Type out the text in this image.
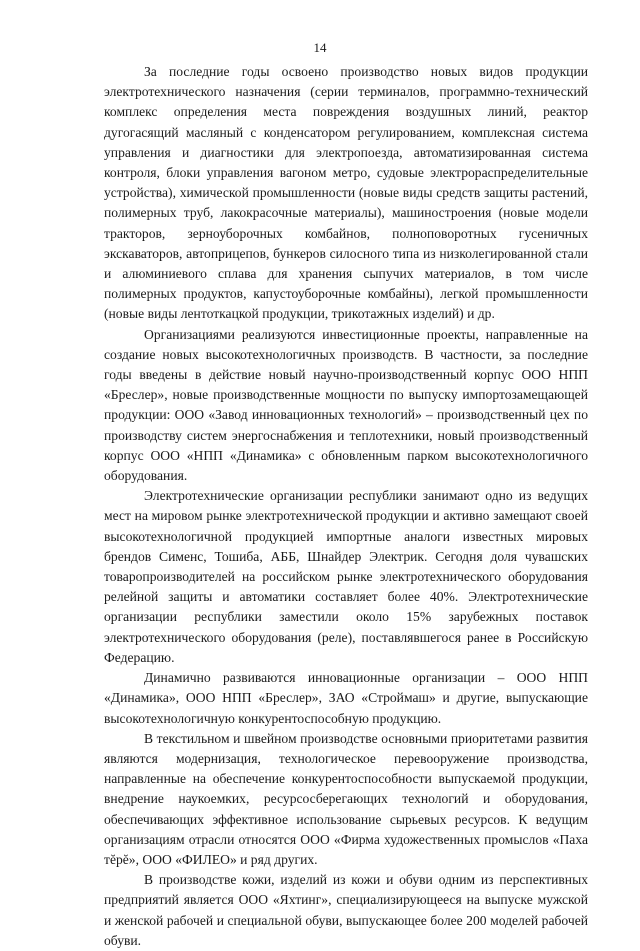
14

За последние годы освоено производство новых видов продукции электротехнического назначения (серии терминалов, программно-технический комплекс определения места повреждения воздушных линий, реактор дугогасящий масляный с конденсатором регулированием, комплексная система управления и диагностики для электропоезда, автоматизированная система контроля, блоки управления вагоном метро, судовые электрораспределительные устройства), химической промышленности (новые виды средств защиты растений, полимерных труб, лакокрасочные материалы), машиностроения (новые модели тракторов, зерноуборочных комбайнов, полноповоротных гусеничных экскаваторов, автоприцепов, бункеров силосного типа из низколегированной стали и алюминиевого сплава для хранения сыпучих материалов, в том числе полимерных продуктов, капустоуборочные комбайны), легкой промышленности (новые виды лентоткацкой продукции, трикотажных изделий) и др.

Организациями реализуются инвестиционные проекты, направленные на создание новых высокотехнологичных производств. В частности, за последние годы введены в действие новый научно-производственный корпус ООО НПП «Бреслер», новые производственные мощности по выпуску импортозамещающей продукции: ООО «Завод инновационных технологий» – производственный цех по производству систем энергоснабжения и теплотехники, новый производственный корпус ООО «НПП «Динамика» с обновленным парком высокотехнологичного оборудования.

Электротехнические организации республики занимают одно из ведущих мест на мировом рынке электротехнической продукции и активно замещают своей высокотехнологичной продукцией импортные аналоги известных мировых брендов Сименс, Тошиба, АББ, Шнайдер Электрик. Сегодня доля чувашских товаропроизводителей на российском рынке электротехнического оборудования релейной защиты и автоматики составляет более 40%. Электротехнические организации республики заместили около 15% зарубежных поставок электротехнического оборудования (реле), поставлявшегося ранее в Российскую Федерацию.

Динамично развиваются инновационные организации – ООО НПП «Динамика», ООО НПП «Бреслер», ЗАО «Строймаш» и другие, выпускающие высокотехнологичную конкурентоспособную продукцию.

В текстильном и швейном производстве основными приоритетами развития являются модернизация, технологическое перевооружение производства, направленные на обеспечение конкурентоспособности выпускаемой продукции, внедрение наукоемких, ресурсосберегающих технологий и оборудования, обеспечивающих эффективное использование сырьевых ресурсов. К ведущим организациям отрасли относятся ООО «Фирма художественных промыслов «Паха тĕрĕ», ООО «ФИЛЕО» и ряд других.

В производстве кожи, изделий из кожи и обуви одним из перспективных предприятий является ООО «Яхтинг», специализирующееся на выпуске мужской и женской рабочей и специальной обуви, выпускающее более 200 моделей рабочей обуви.
